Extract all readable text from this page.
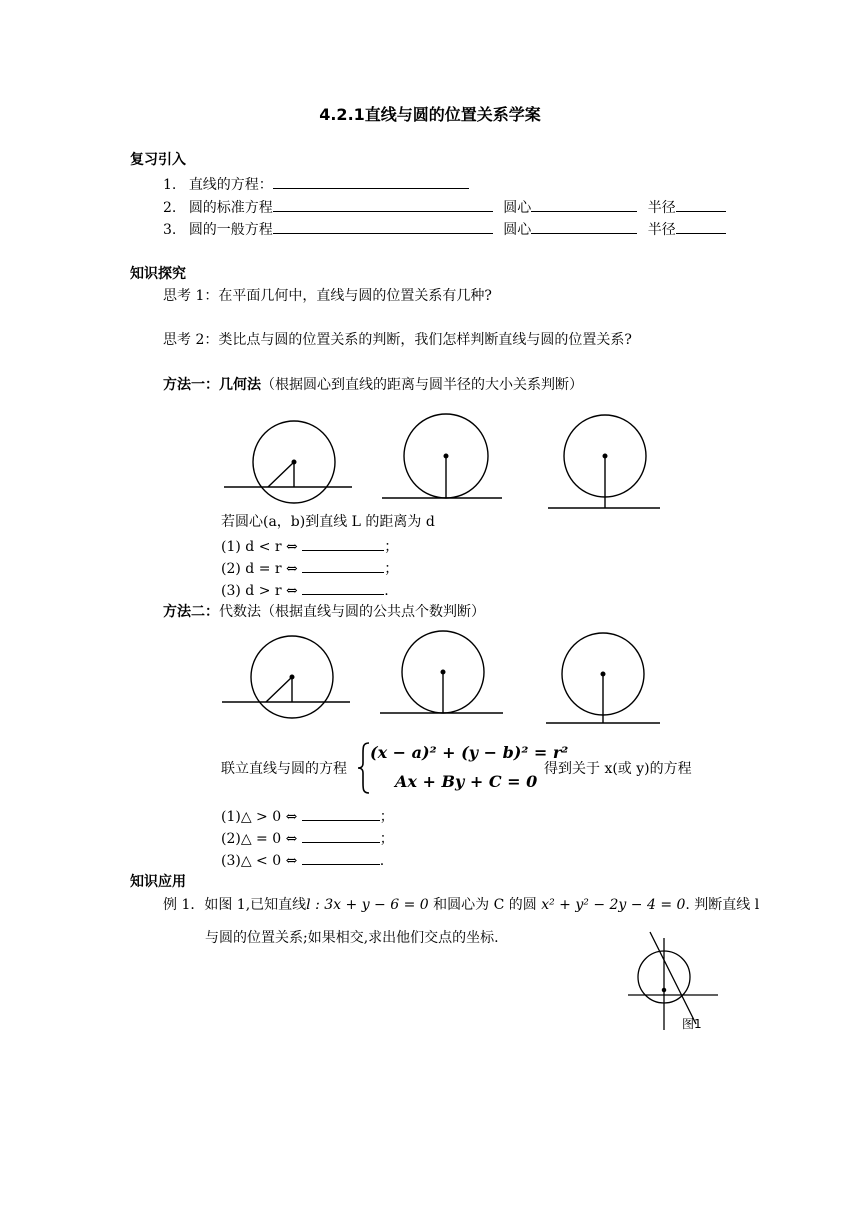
4.2.1直线与圆的位置关系学案
复习引入
1. 直线的方程：
2. 圆的标准方程	圆心	半径
3. 圆的一般方程	圆心	半径
知识探究
思考 1：在平面几何中，直线与圆的位置关系有几种?
思考 2：类比点与圆的位置关系的判断，我们怎样判断直线与圆的位置关系?
方法一：几何法（根据圆心到直线的距离与圆半径的大小关系判断）
若圆心(a，b)到直线 L 的距离为 d
(1) d < r ⇔	；
(2) d = r ⇔	；
(3) d > r ⇔	.
方法二：代数法（根据直线与圆的公共点个数判断）
联立直线与圆的方程
(x − a)² + (y − b)² = r²
Ax + By + C = 0
得到关于 x(或 y)的方程
(1)△ > 0 ⇔	；
(2)△ = 0 ⇔	；
(3)△ < 0 ⇔	.
知识应用
例 1．如图 1,已知直线l : 3x + y − 6 = 0 和圆心为 C 的圆 x² + y² − 2y − 4 = 0. 判断直线 l
与圆的位置关系;如果相交,求出他们交点的坐标.
图1
